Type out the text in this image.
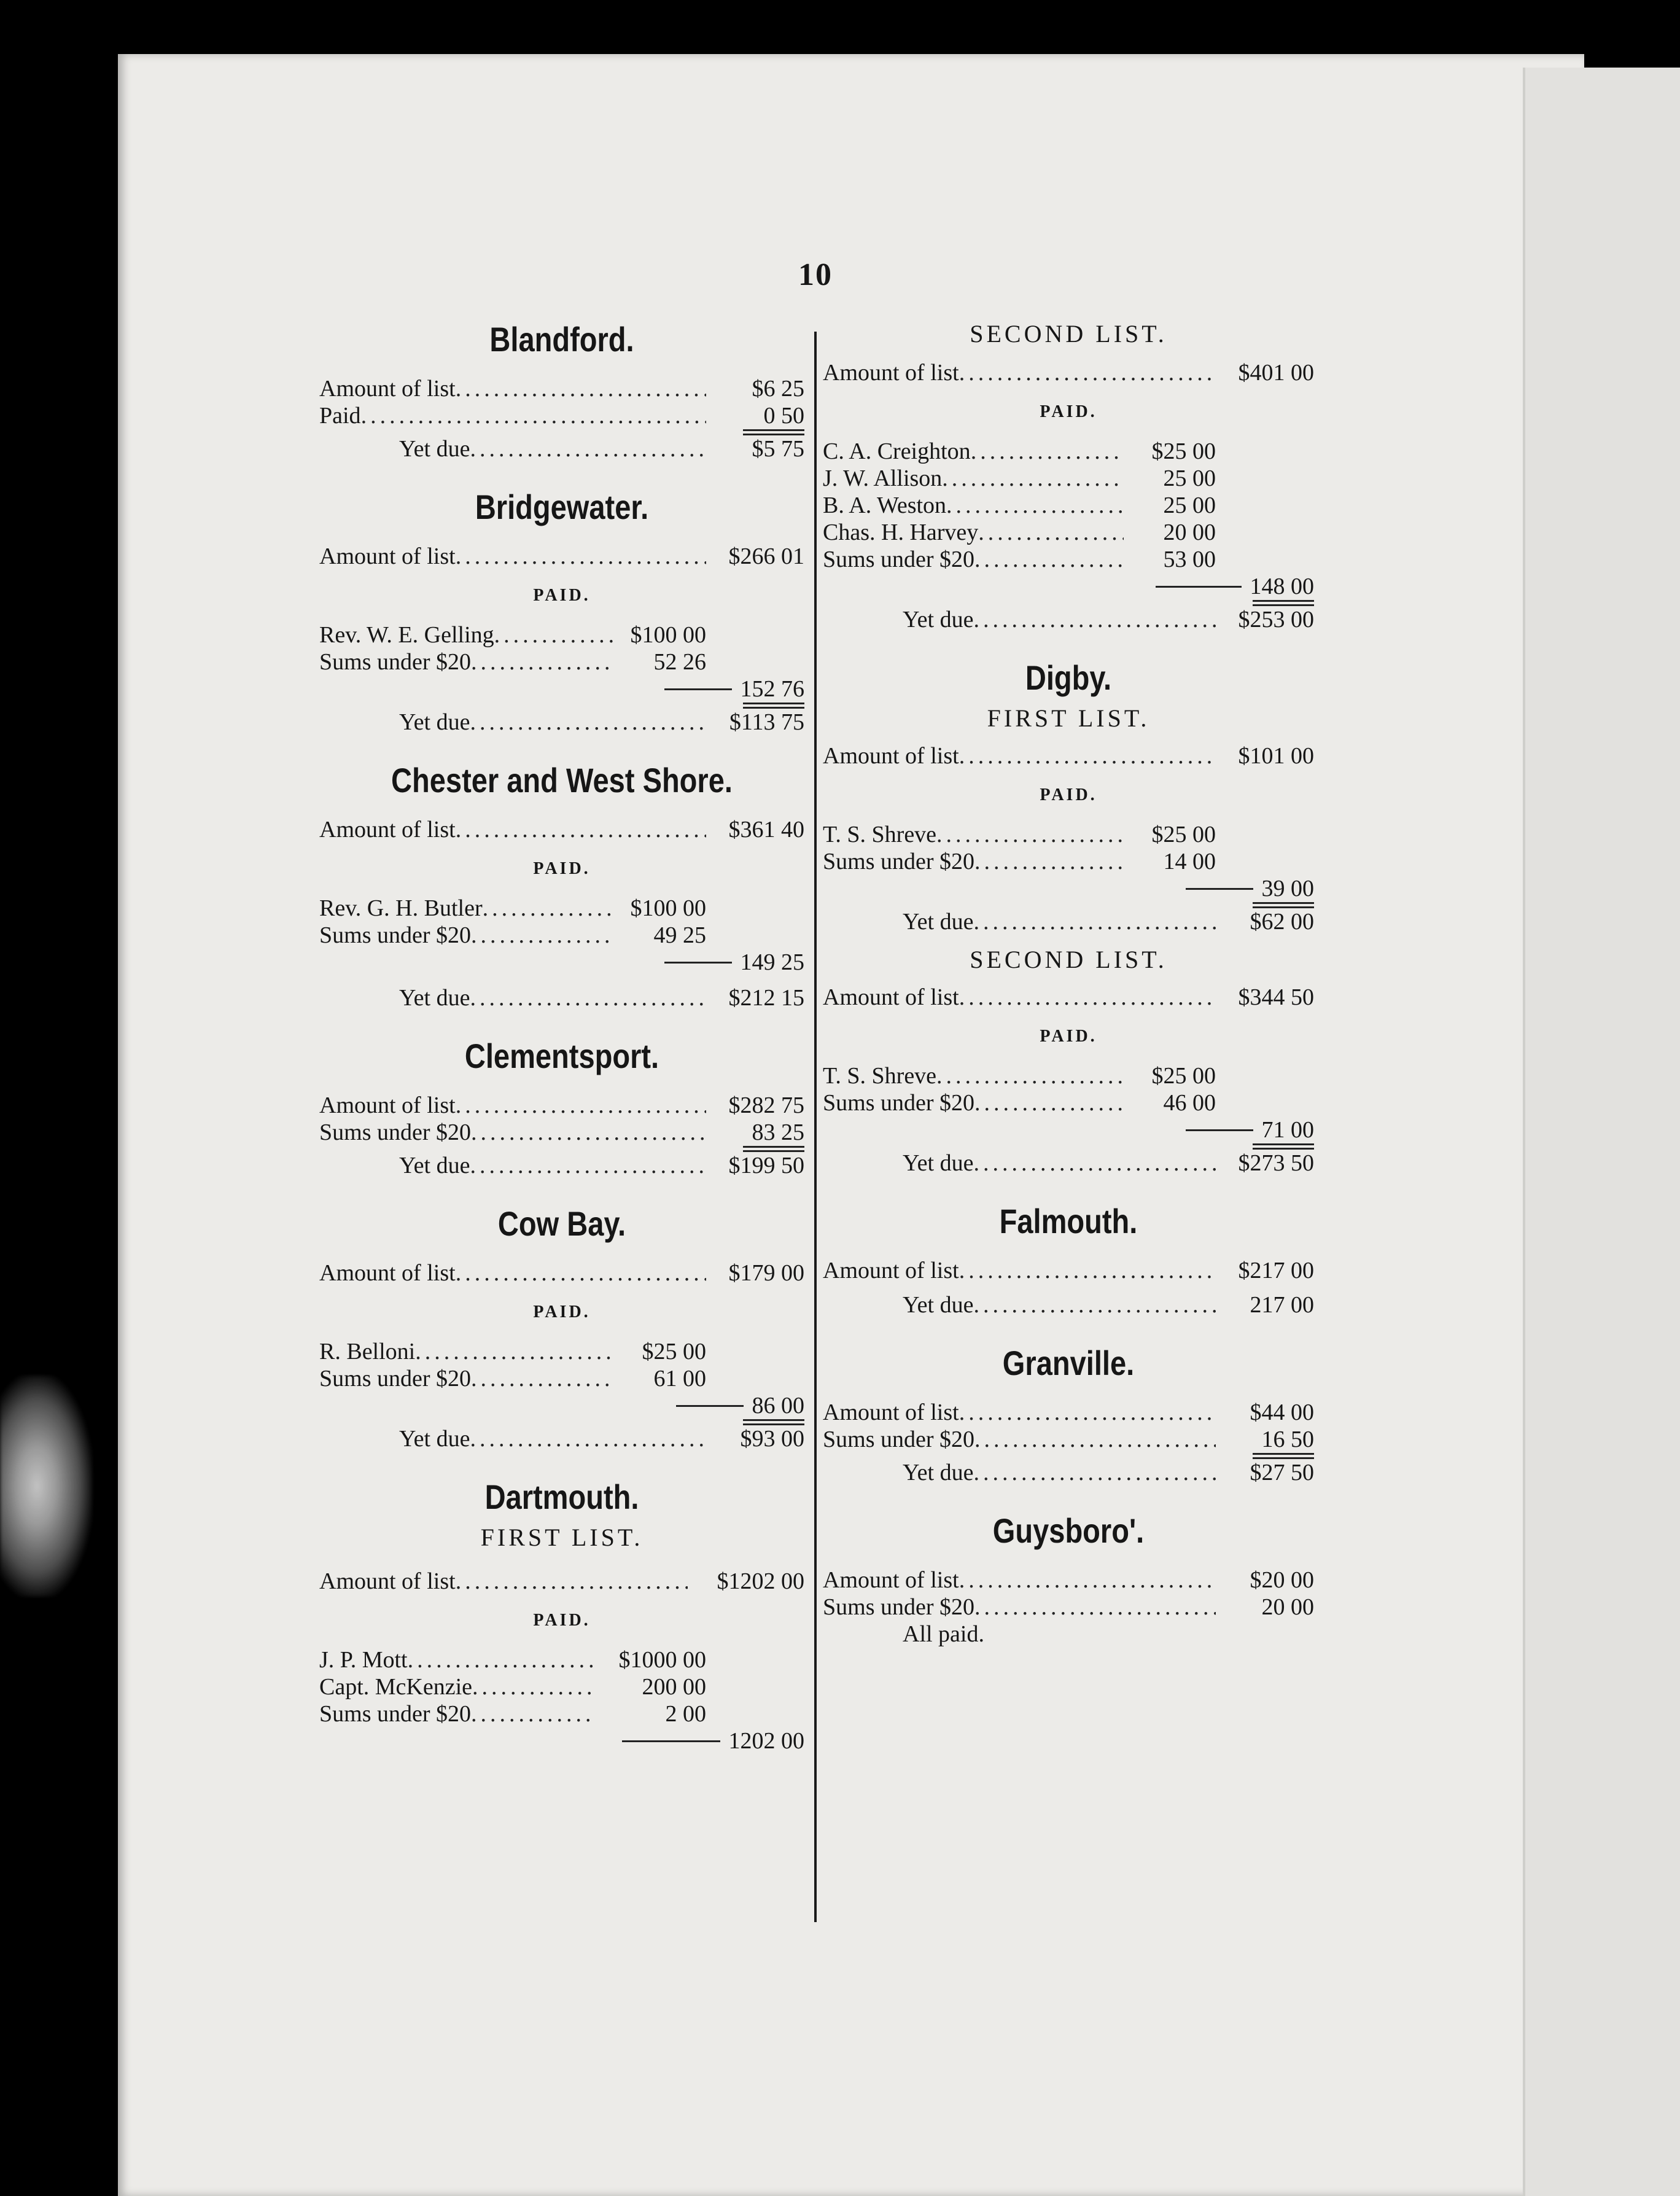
10
Blandford.
Amount of list .....	$6 25
Paid .....	0 50
Yet due .....	$5 75
Bridgewater.
Amount of list .....	$266 01

PAID.

Rev. W. E. Gelling .....	$100 00
Sums under $20 .....	52 26
152 76
Yet due .....	$113 75
Chester and West Shore.
Amount of list .....	$361 40

PAID.

Rev. G. H. Butler .....	$100 00
Sums under $20 .....	49 25
149 25
Yet due .....	$212 15
Clementsport.
Amount of list .....	$282 75
Sums under $20 .....	83 25
Yet due .....	$199 50
Cow Bay.
Amount of list .....	$179 00

PAID.

R. Belloni .....	$25 00
Sums under $20 .....	61 00
86 00
Yet due .....	$93 00
Dartmouth.

FIRST LIST.

Amount of list .....	$1202 00

PAID.

J. P. Mott .....	$1000 00
Capt. McKenzie .....	200 00
Sums under $20 .....	2 00
1202 00

SECOND LIST.

Amount of list .....	$401 00

PAID.

C. A. Creighton .....	$25 00
J. W. Allison .....	25 00
B. A. Weston .....	25 00
Chas. H. Harvey .....	20 00
Sums under $20 .....	53 00
148 00
Yet due .....	$253 00
Digby.

FIRST LIST.

Amount of list .....	$101 00

PAID.

T. S. Shreve .....	$25 00
Sums under $20 .....	14 00
39 00
Yet due .....	$62 00

SECOND LIST.

Amount of list .....	$344 50

PAID.

T. S. Shreve .....	$25 00
Sums under $20 .....	46 00
71 00
Yet due .....	$273 50
Falmouth.
Amount of list .....	$217 00
Yet due .....	217 00
Granville.
Amount of list .....	$44 00
Sums under $20 .....	16 50
Yet due .....	$27 50
Guysboro'.
Amount of list .....	$20 00
Sums under $20 .....	20 00
All paid.
